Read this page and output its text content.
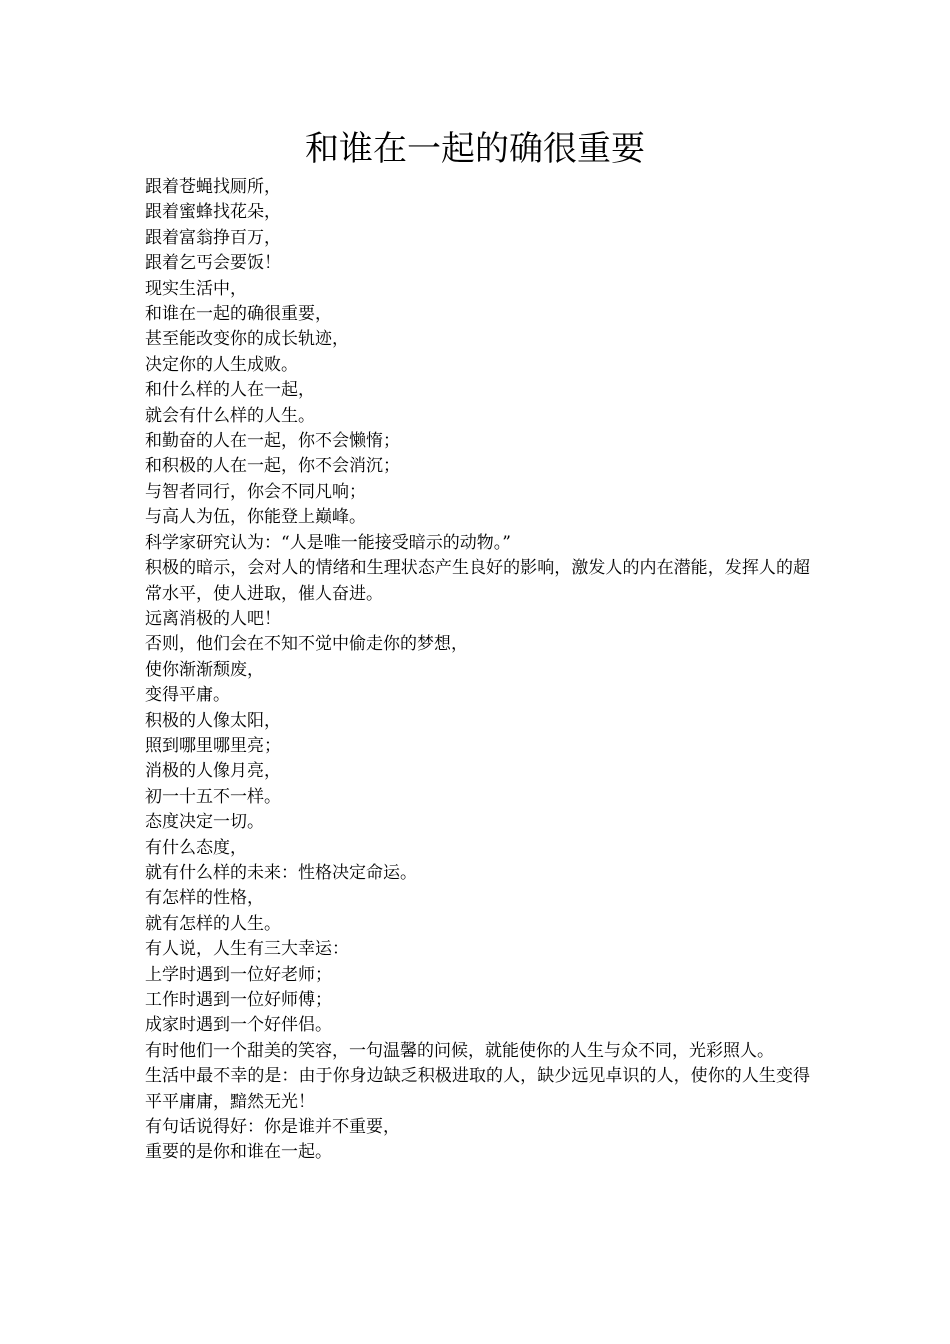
和谁在一起的确很重要

跟着苍蝇找厕所，

跟着蜜蜂找花朵，

跟着富翁挣百万，

跟着乞丐会要饭！

现实生活中，

和谁在一起的确很重要，

甚至能改变你的成长轨迹，

决定你的人生成败。

和什么样的人在一起，

就会有什么样的人生。

和勤奋的人在一起，你不会懒惰；

和积极的人在一起，你不会消沉；

与智者同行，你会不同凡响；

与高人为伍，你能登上巅峰。

科学家研究认为：“人是唯一能接受暗示的动物。”

积极的暗示，会对人的情绪和生理状态产生良好的影响，激发人的内在潜能，发挥人的超常水平，使人进取，催人奋进。

远离消极的人吧！

否则，他们会在不知不觉中偷走你的梦想，

使你渐渐颓废，

变得平庸。

积极的人像太阳，

照到哪里哪里亮；

消极的人像月亮，

初一十五不一样。

态度决定一切。

有什么态度，

就有什么样的未来：性格决定命运。

有怎样的性格，

就有怎样的人生。

有人说，人生有三大幸运：

上学时遇到一位好老师；

工作时遇到一位好师傅；

成家时遇到一个好伴侣。

有时他们一个甜美的笑容，一句温馨的问候，就能使你的人生与众不同，光彩照人。

生活中最不幸的是：由于你身边缺乏积极进取的人，缺少远见卓识的人，使你的人生变得平平庸庸，黯然无光！

有句话说得好：你是谁并不重要，

重要的是你和谁在一起。
